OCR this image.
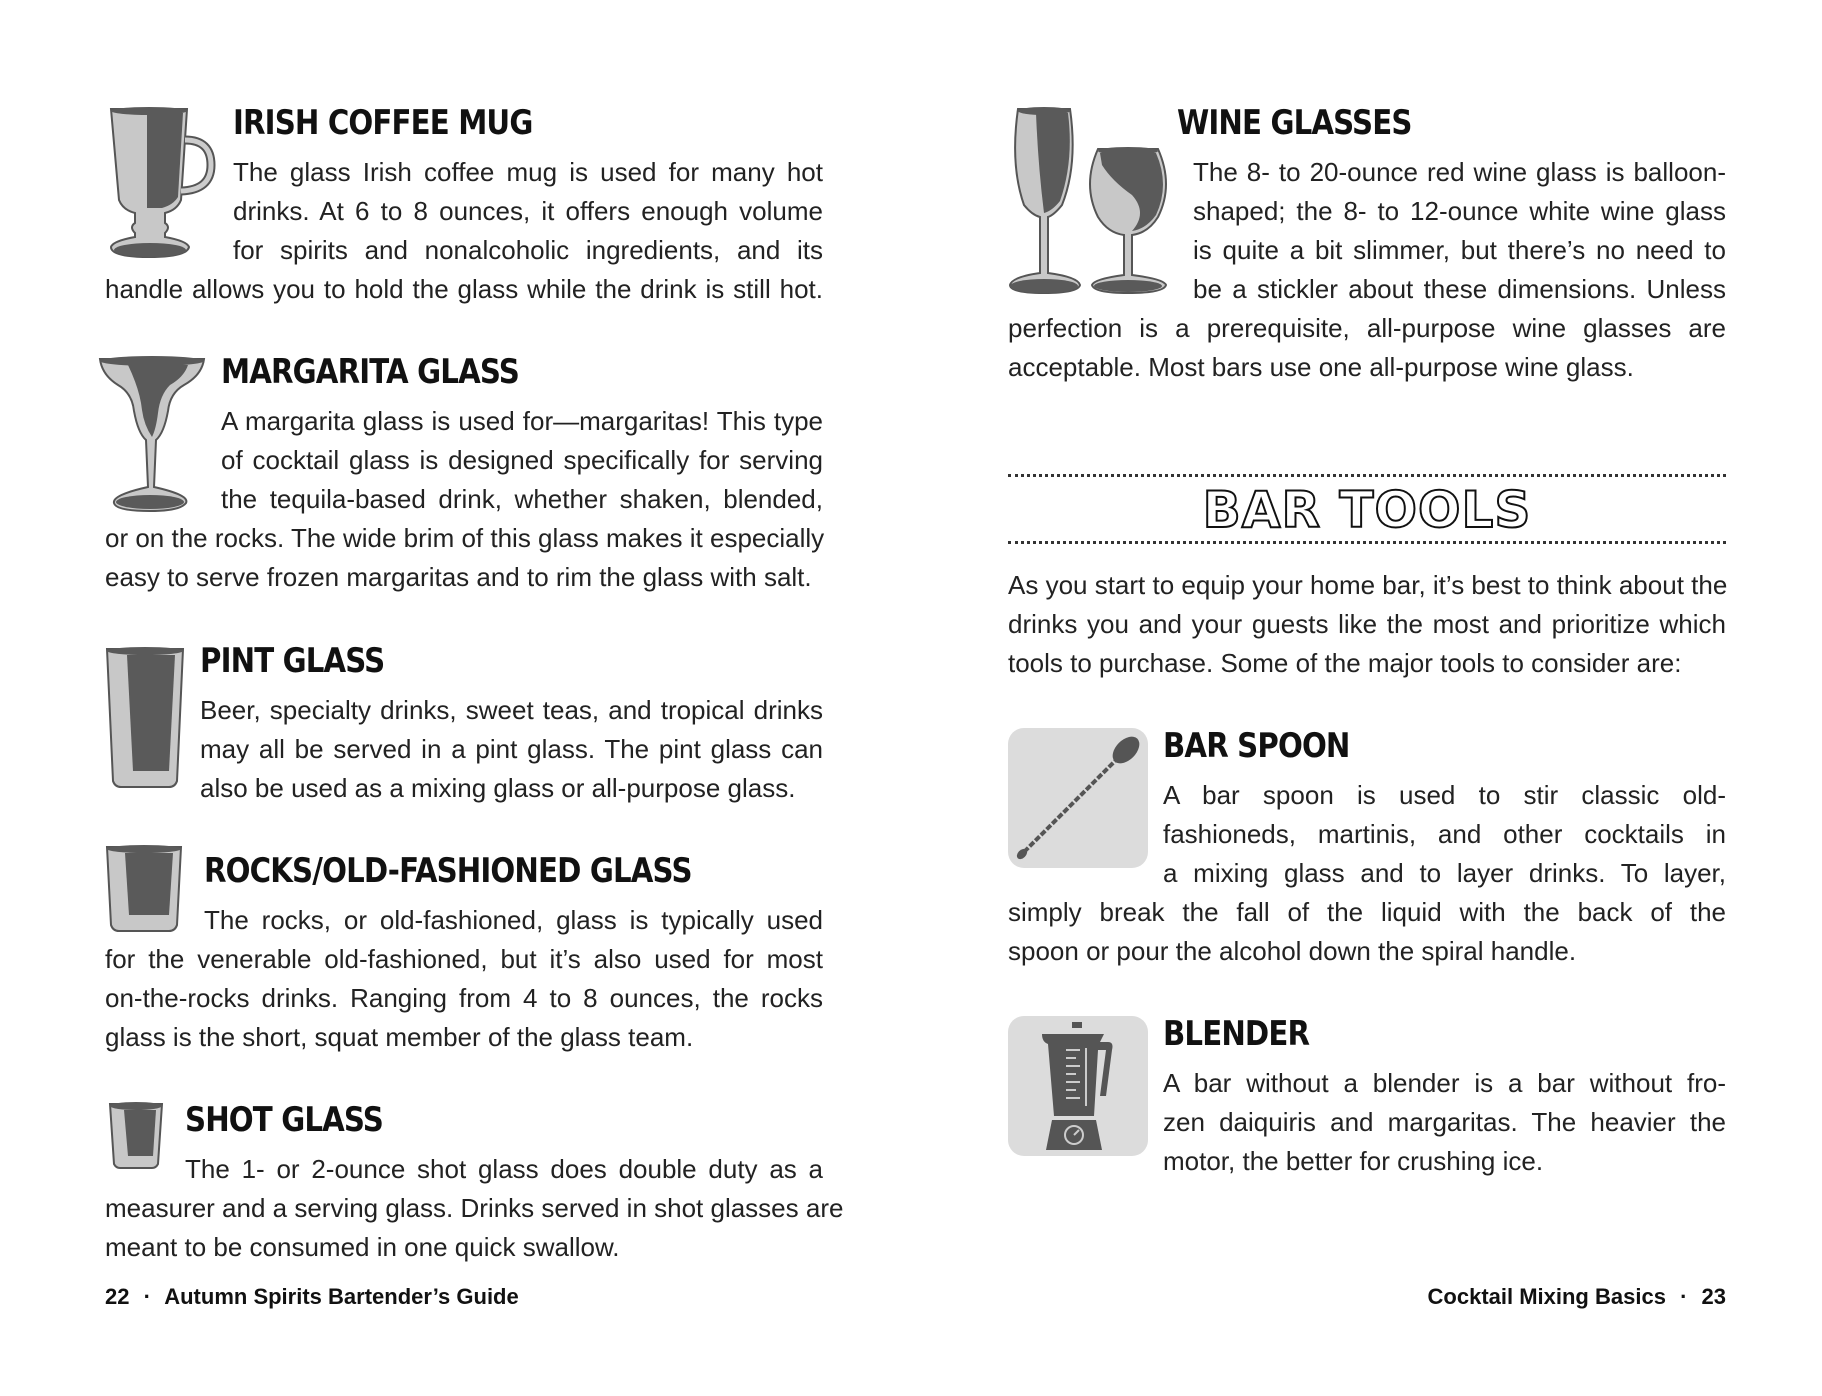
IRISH COFFEE MUG
The glass Irish coffee mug is used for many hot
drinks. At 6 to 8 ounces, it offers enough volume
for spirits and nonalcoholic ingredients, and its
handle allows you to hold the glass while the drink is still hot.
MARGARITA GLASS
A margarita glass is used for—margaritas! This type
of cocktail glass is designed specifically for serving
the tequila-based drink, whether shaken, blended,
or on the rocks. The wide brim of this glass makes it especially
easy to serve frozen margaritas and to rim the glass with salt.
PINT GLASS
Beer, specialty drinks, sweet teas, and tropical drinks
may all be served in a pint glass. The pint glass can
also be used as a mixing glass or all-purpose glass.
ROCKS/OLD-FASHIONED GLASS
The rocks, or old-fashioned, glass is typically used
for the venerable old-fashioned, but it’s also used for most
on-the-rocks drinks. Ranging from 4 to 8 ounces, the rocks
glass is the short, squat member of the glass team.
SHOT GLASS
The 1- or 2-ounce shot glass does double duty as a
measurer and a serving glass. Drinks served in shot glasses are
meant to be consumed in one quick swallow.
22 · Autumn Spirits Bartender’s Guide
WINE GLASSES
The 8- to 20-ounce red wine glass is balloon-
shaped; the 8- to 12-ounce white wine glass
is quite a bit slimmer, but there’s no need to
be a stickler about these dimensions. Unless
perfection is a prerequisite, all-purpose wine glasses are
acceptable. Most bars use one all-purpose wine glass.
BAR TOOLS
As you start to equip your home bar, it’s best to think about the
drinks you and your guests like the most and prioritize which
tools to purchase. Some of the major tools to consider are:
BAR SPOON
A bar spoon is used to stir classic old-
fashioneds, martinis, and other cocktails in
a mixing glass and to layer drinks. To layer,
simply break the fall of the liquid with the back of the
spoon or pour the alcohol down the spiral handle.
BLENDER
A bar without a blender is a bar without fro-
zen daiquiris and margaritas. The heavier the
motor, the better for crushing ice.
Cocktail Mixing Basics · 23
